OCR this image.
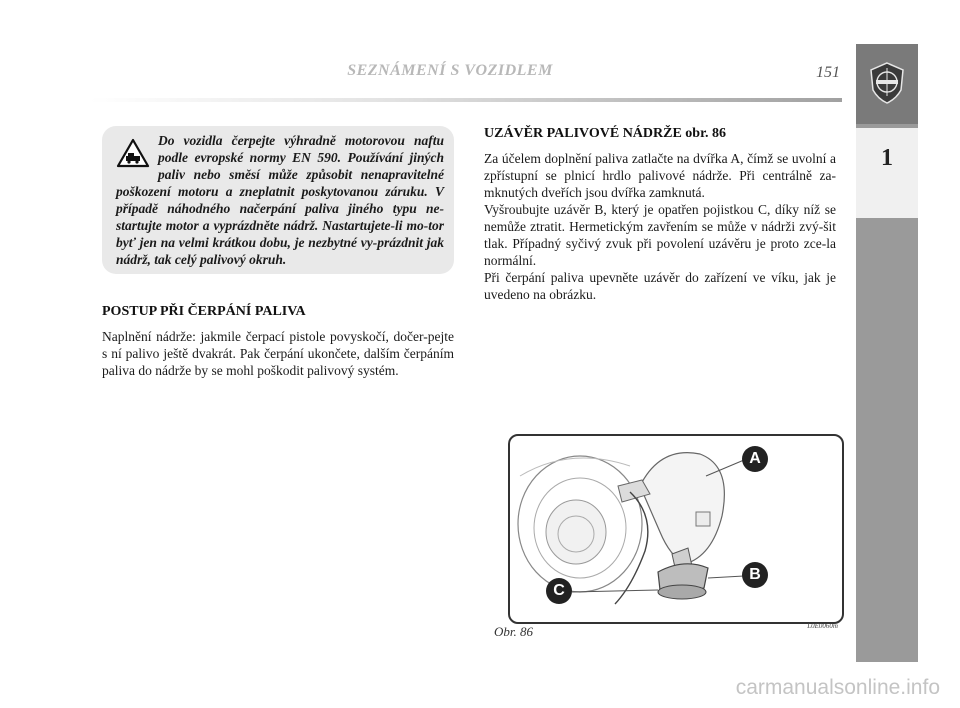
SEZNÁMENÍ S VOZIDLEM	151
1

Do vozidla čerpejte výhradně motorovou naftu podle evropské normy EN 590. Používání jiných paliv nebo směsí může způsobit nenapravitelné poškození motoru a zneplatnit poskytovanou záruku. V případě náhodného načerpání paliva jiného typu ne-startujte motor a vyprázdněte nádrž. Nastartujete-li mo-tor byť jen na velmi krátkou dobu, je nezbytné vy-prázdnit jak nádrž, tak celý palivový okruh.

POSTUP PŘI ČERPÁNÍ PALIVA

Naplnění nádrže: jakmile čerpací pistole povyskočí, dočer-pejte s ní palivo ještě dvakrát. Pak čerpání ukončete, dalším čerpáním paliva do nádrže by se mohl poškodit palivový systém.

UZÁVĚR PALIVOVÉ NÁDRŽE obr. 86

Za účelem doplnění paliva zatlačte na dvířka A, čímž se uvolní a zpřístupní se plnicí hrdlo palivové nádrže. Při centrálně za-mknutých dveřích jsou dvířka zamknutá.

Vyšroubujte uzávěr B, který je opatřen pojistkou C, díky níž se nemůže ztratit. Hermetickým zavřením se může v nádrži zvý-šit tlak. Případný syčivý zvuk při povolení uzávěru je proto zce-la normální.

Při čerpání paliva upevněte uzávěr do zařízení ve víku, jak je uvedeno na obrázku.

A
B
C
Obr. 86	L0E0060m
carmanualsonline.info
